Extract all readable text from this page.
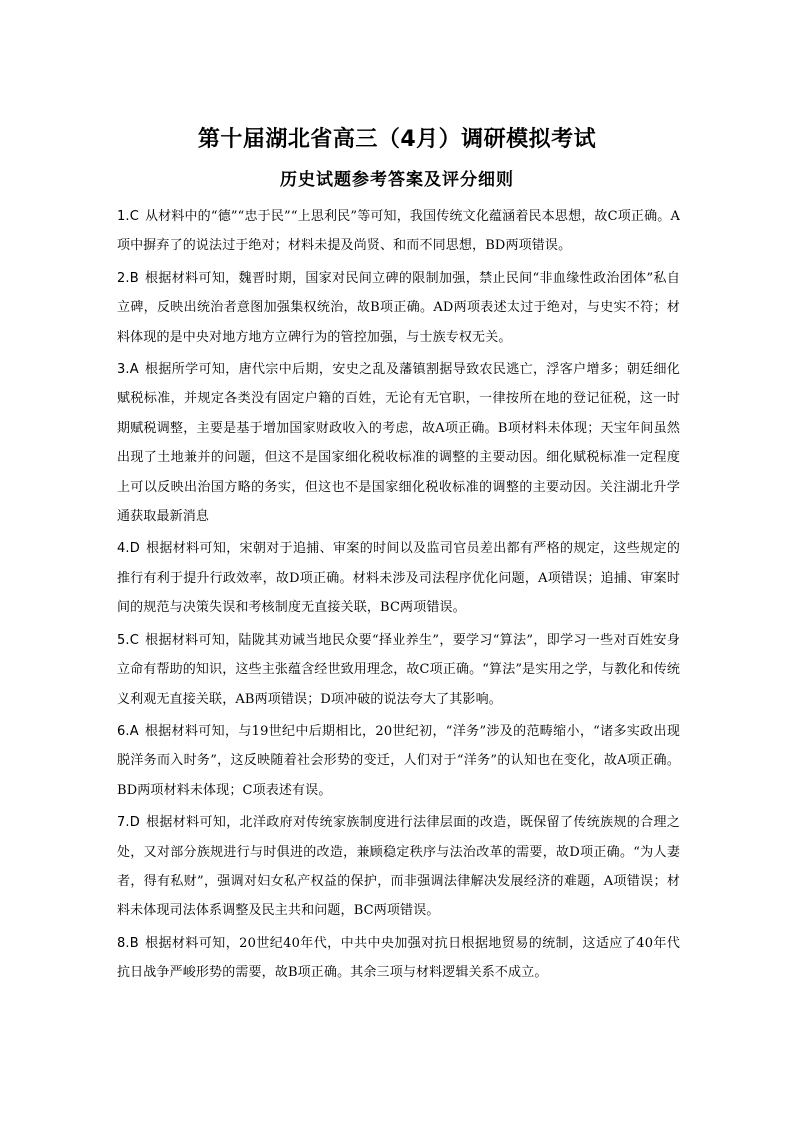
第十届湖北省高三（4月）调研模拟考试
历史试题参考答案及评分细则

1.C 从材料中的“德”“忠于民”“上思利民”等可知，我国传统文化蕴涵着民本思想，故C项正确。A项中摒弃了的说法过于绝对；材料未提及尚贤、和而不同思想，BD两项错误。

2.B 根据材料可知，魏晋时期，国家对民间立碑的限制加强，禁止民间“非血缘性政治团体”私自立碑，反映出统治者意图加强集权统治，故B项正确。AD两项表述太过于绝对，与史实不符；材料体现的是中央对地方地方立碑行为的管控加强，与士族专权无关。

3.A 根据所学可知，唐代宗中后期，安史之乱及藩镇割据导致农民逃亡，浮客户增多；朝廷细化赋税标准，并规定各类没有固定户籍的百姓，无论有无官职，一律按所在地的登记征税，这一时期赋税调整，主要是基于增加国家财政收入的考虑，故A项正确。B项材料未体现；天宝年间虽然出现了土地兼并的问题，但这不是国家细化税收标准的调整的主要动因。细化赋税标准一定程度上可以反映出治国方略的务实，但这也不是国家细化税收标准的调整的主要动因。关注湖北升学通获取最新消息

4.D 根据材料可知，宋朝对于追捕、审案的时间以及监司官员差出都有严格的规定，这些规定的推行有利于提升行政效率，故D项正确。材料未涉及司法程序优化问题，A项错误；追捕、审案时间的规范与决策失误和考核制度无直接关联，BC两项错误。

5.C 根据材料可知，陆陇其劝诫当地民众要“择业养生”，要学习“算法”，即学习一些对百姓安身立命有帮助的知识，这些主张蕴含经世致用理念，故C项正确。“算法”是实用之学，与教化和传统义利观无直接关联，AB两项错误；D项冲破的说法夸大了其影响。

6.A 根据材料可知，与19世纪中后期相比，20世纪初，“洋务”涉及的范畴缩小，“诸多实政出现脱洋务而入时务”，这反映随着社会形势的变迁，人们对于“洋务”的认知也在变化，故A项正确。BD两项材料未体现；C项表述有误。

7.D 根据材料可知，北洋政府对传统家族制度进行法律层面的改造，既保留了传统族规的合理之处，又对部分族规进行与时俱进的改造，兼顾稳定秩序与法治改革的需要，故D项正确。“为人妻者，得有私财”，强调对妇女私产权益的保护，而非强调法律解决发展经济的难题，A项错误；材料未体现司法体系调整及民主共和问题，BC两项错误。

8.B 根据材料可知，20世纪40年代，中共中央加强对抗日根据地贸易的统制，这适应了40年代抗日战争严峻形势的需要，故B项正确。其余三项与材料逻辑关系不成立。
